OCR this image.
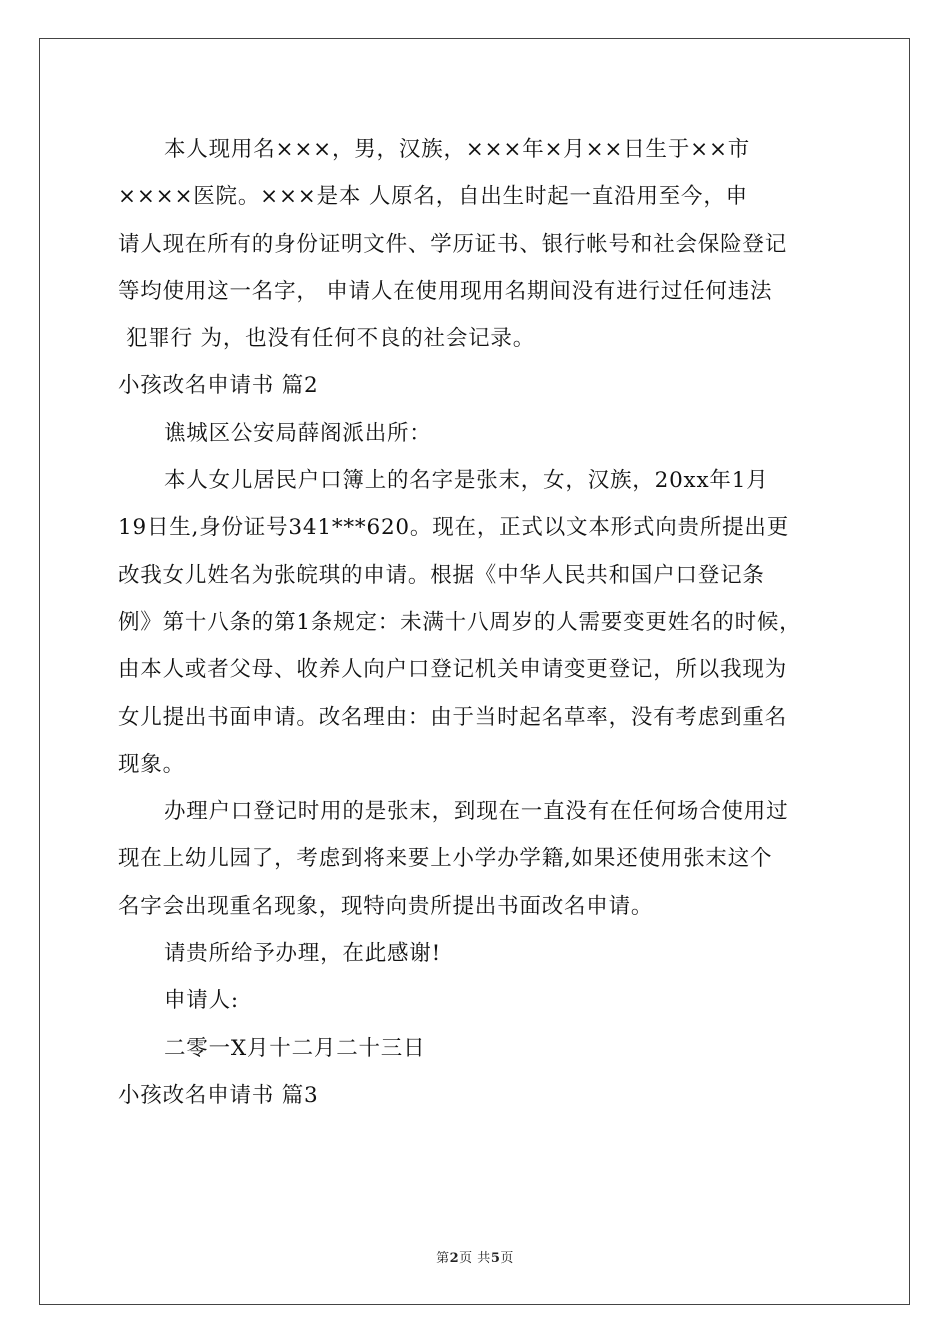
本人现用名×××，男，汉族，×××年×月××日生于××市
××××医院。×××是本 人原名，自出生时起一直沿用至今，申
请人现在所有的身份证明文件、学历证书、银行帐号和社会保险登记
等均使用这一名字， 申请人在使用现用名期间没有进行过任何违法
犯罪行 为，也没有任何不良的社会记录。

小孩改名申请书 篇2

谯城区公安局薛阁派出所：

本人女儿居民户口簿上的名字是张末，女，汉族，20xx年1月
19日生,身份证号341***620。现在，正式以文本形式向贵所提出更
改我女儿姓名为张皖琪的申请。根据《中华人民共和国户口登记条
例》第十八条的第1条规定：未满十八周岁的人需要变更姓名的时候，
由本人或者父母、收养人向户口登记机关申请变更登记，所以我现为
女儿提出书面申请。改名理由：由于当时起名草率，没有考虑到重名
现象。

办理户口登记时用的是张末，到现在一直没有在任何场合使用过
现在上幼儿园了，考虑到将来要上小学办学籍,如果还使用张末这个
名字会出现重名现象，现特向贵所提出书面改名申请。

请贵所给予办理，在此感谢!

申请人:

二零一X月十二月二十三日

小孩改名申请书 篇3

第2页 共5页
